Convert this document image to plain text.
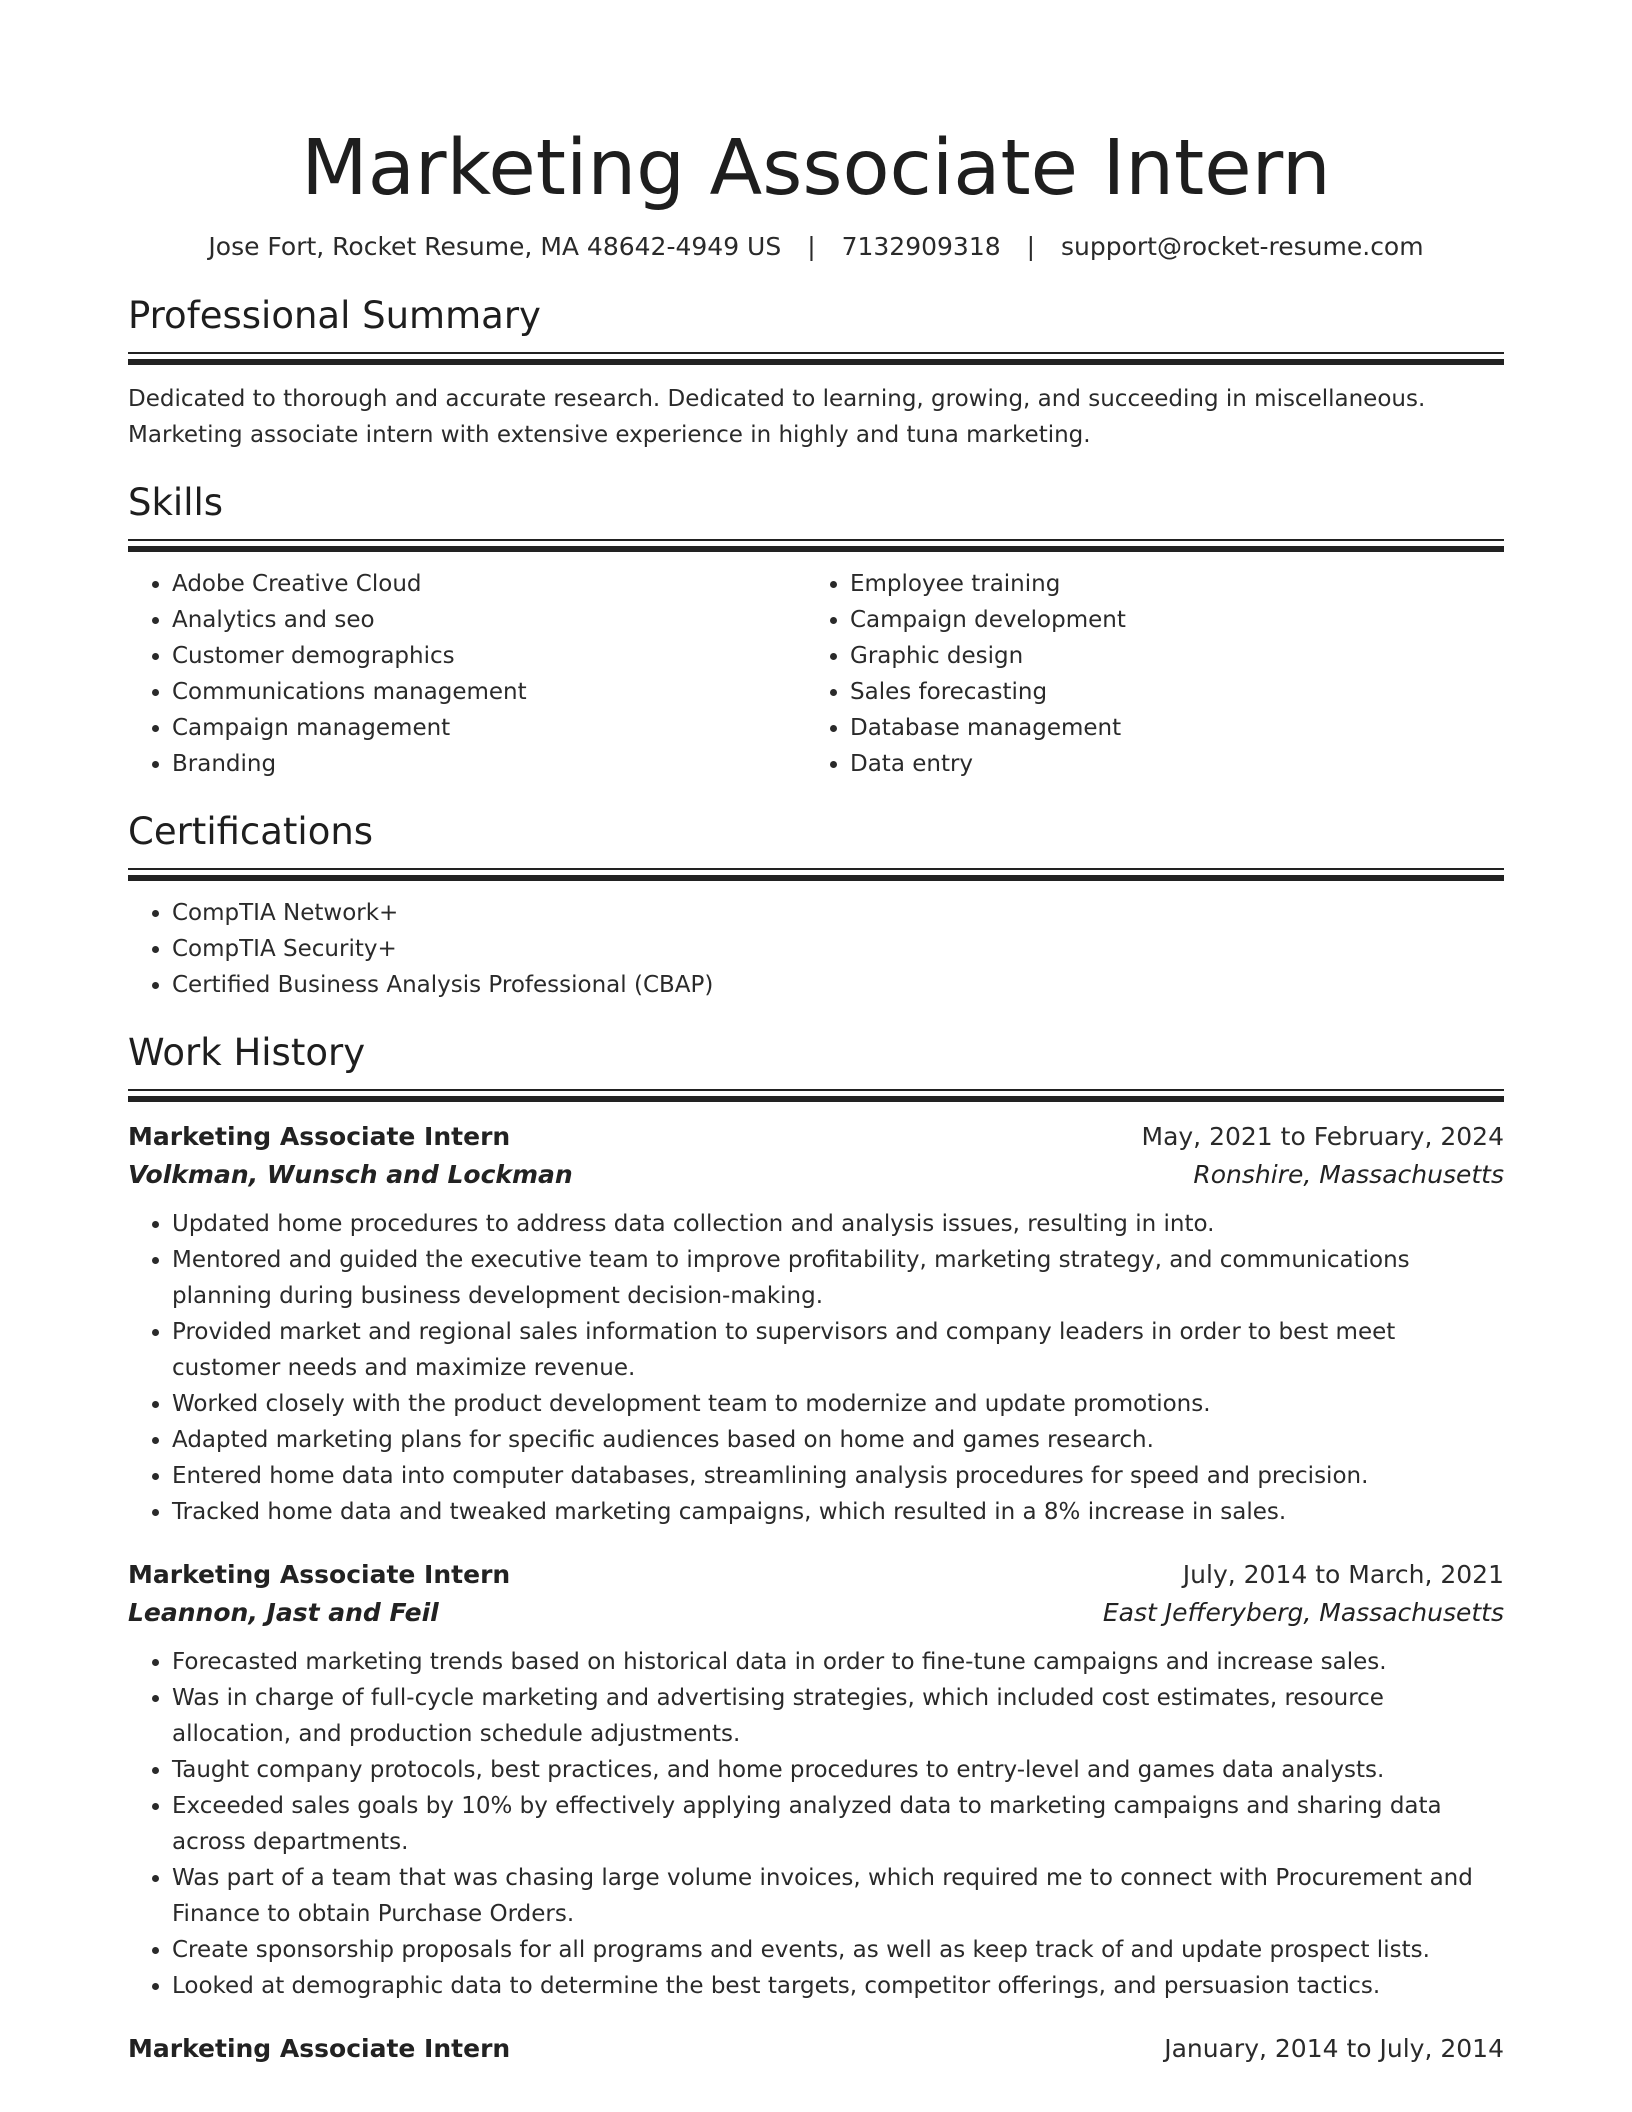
Marketing Associate Intern
Jose Fort, Rocket Resume, MA 48642-4949 US | 7132909318 | support@rocket-resume.com
Professional Summary

Dedicated to thorough and accurate research. Dedicated to learning, growing, and succeeding in miscellaneous. Marketing associate intern with extensive experience in highly and tuna marketing.

Skills
• Adobe Creative Cloud
• Analytics and seo
• Customer demographics
• Communications management
• Campaign management
• Branding
• Employee training
• Campaign development
• Graphic design
• Sales forecasting
• Database management
• Data entry
Certifications
• CompTIA Network+
• CompTIA Security+
• Certified Business Analysis Professional (CBAP)
Work History
Marketing Associate Intern	May, 2021 to February, 2024
Volkman, Wunsch and Lockman	Ronshire, Massachusetts
• Updated home procedures to address data collection and analysis issues, resulting in into.
• Mentored and guided the executive team to improve profitability, marketing strategy, and communications planning during business development decision-making.
• Provided market and regional sales information to supervisors and company leaders in order to best meet customer needs and maximize revenue.
• Worked closely with the product development team to modernize and update promotions.
• Adapted marketing plans for specific audiences based on home and games research.
• Entered home data into computer databases, streamlining analysis procedures for speed and precision.
• Tracked home data and tweaked marketing campaigns, which resulted in a 8% increase in sales.
Marketing Associate Intern	July, 2014 to March, 2021
Leannon, Jast and Feil	East Jefferyberg, Massachusetts
• Forecasted marketing trends based on historical data in order to fine-tune campaigns and increase sales.
• Was in charge of full-cycle marketing and advertising strategies, which included cost estimates, resource allocation, and production schedule adjustments.
• Taught company protocols, best practices, and home procedures to entry-level and games data analysts.
• Exceeded sales goals by 10% by effectively applying analyzed data to marketing campaigns and sharing data across departments.
• Was part of a team that was chasing large volume invoices, which required me to connect with Procurement and Finance to obtain Purchase Orders.
• Create sponsorship proposals for all programs and events, as well as keep track of and update prospect lists.
• Looked at demographic data to determine the best targets, competitor offerings, and persuasion tactics.
Marketing Associate Intern	January, 2014 to July, 2014
